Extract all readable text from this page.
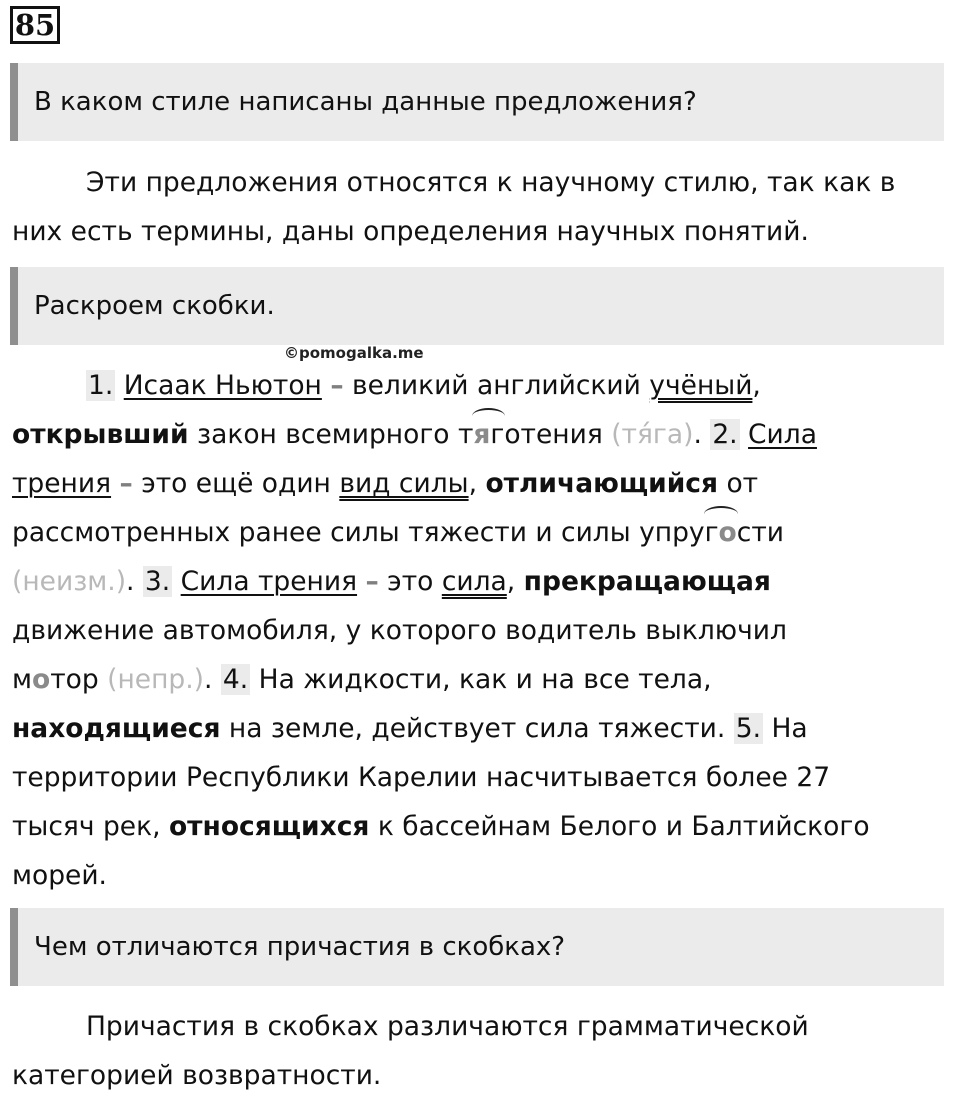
85
В каком стиле написаны данные предложения?
Эти предложения относятся к научному стилю, так как в
них есть термины, даны определения научных понятий.
Раскроем скобки.
©pomogalka.me
1. Исаак Ньютон – великий английский учёный,
открывший закон всемирного тяготения (тя́га). 2. Сила
трения – это ещё один вид силы, отличающийся от
рассмотренных ранее силы тяжести и силы упругости
(неизм.). 3. Сила трения – это сила, прекращающая
движение автомобиля, у которого водитель выключил
мотор (непр.). 4. На жидкости, как и на все тела,
находящиеся на земле, действует сила тяжести. 5. На
территории Республики Карелии насчитывается более 27
тысяч рек, относящихся к бассейнам Белого и Балтийского
морей.
Чем отличаются причастия в скобках?
Причастия в скобках различаются грамматической
категорией возвратности.
